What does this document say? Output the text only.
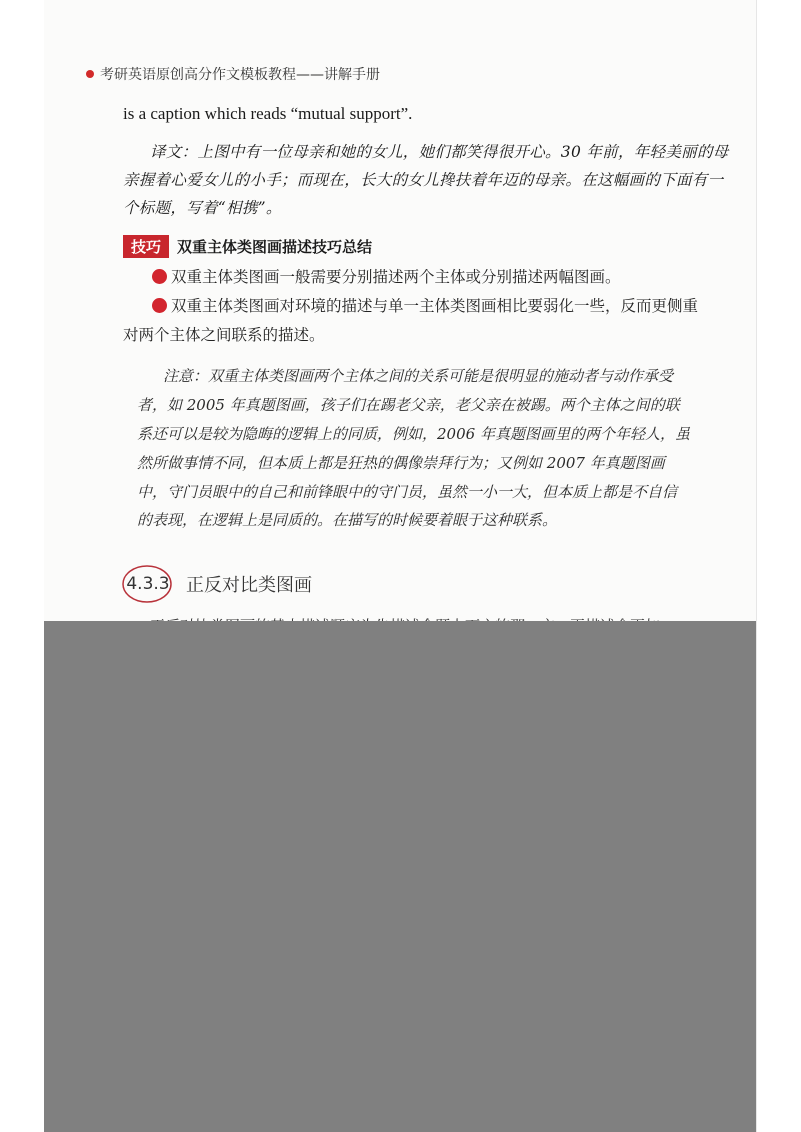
考研英语原创高分作文模板教程——讲解手册
is a caption which reads “mutual support”.
译文：上图中有一位母亲和她的女儿，她们都笑得很开心。30 年前，年轻美丽的母
亲握着心爱女儿的小手；而现在，长大的女儿搀扶着年迈的母亲。在这幅画的下面有一
个标题，写着“相携”。
技巧	双重主体类图画描述技巧总结
双重主体类图画一般需要分别描述两个主体或分别描述两幅图画。
双重主体类图画对环境的描述与单一主体类图画相比要弱化一些，反而更侧重
对两个主体之间联系的描述。
注意：双重主体类图画两个主体之间的关系可能是很明显的施动者与动作承受
者，如 2005 年真题图画，孩子们在踢老父亲，老父亲在被踢。两个主体之间的联
系还可以是较为隐晦的逻辑上的同质，例如，2006 年真题图画里的两个年轻人，虽
然所做事情不同，但本质上都是狂热的偶像崇拜行为；又例如 2007 年真题图画
中，守门员眼中的自己和前锋眼中的守门员，虽然一小一大，但本质上都是不自信
的表现，在逻辑上是同质的。在描写的时候要着眼于这种联系。
4.3.3 正反对比类图画
